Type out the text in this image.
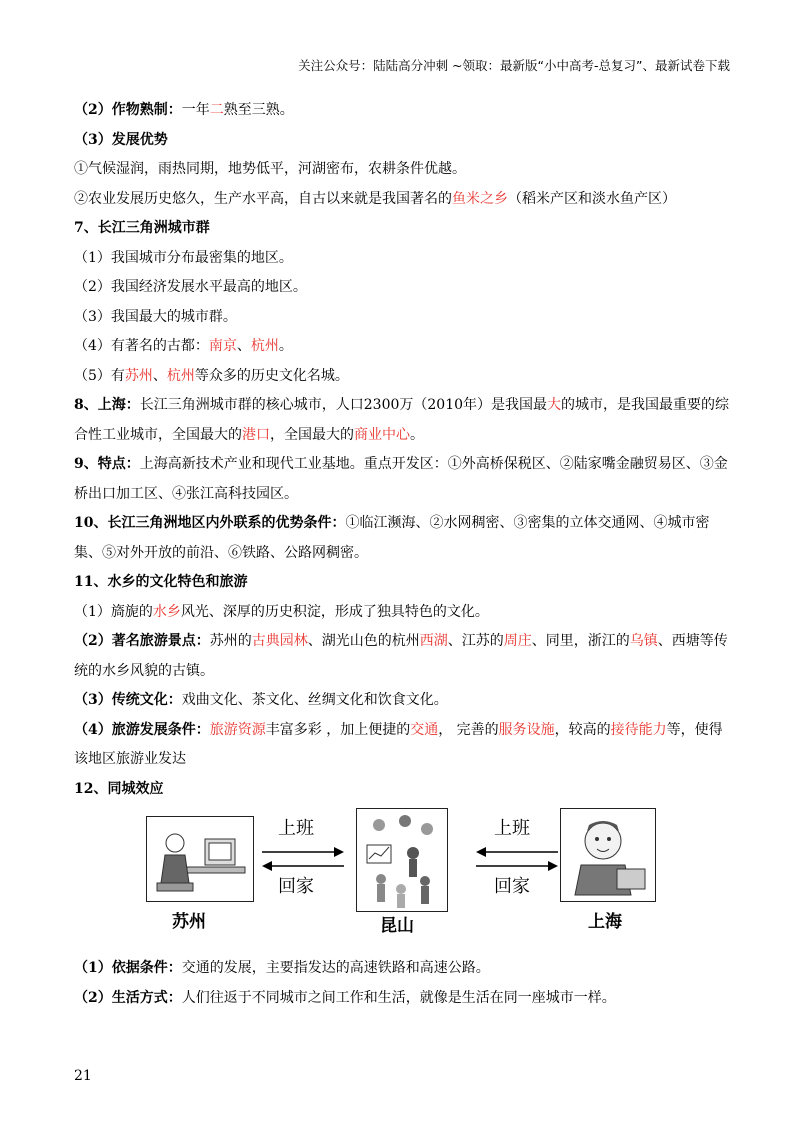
关注公众号：陆陆高分冲刺 ~领取：最新版“小中高考-总复习”、最新试卷下载

（2）作物熟制：一年二熟至三熟。

（3）发展优势

①气候湿润，雨热同期，地势低平，河湖密布，农耕条件优越。

②农业发展历史悠久，生产水平高，自古以来就是我国著名的鱼米之乡（稻米产区和淡水鱼产区）

7、长江三角洲城市群

（1）我国城市分布最密集的地区。

（2）我国经济发展水平最高的地区。

（3）我国最大的城市群。

（4）有著名的古都：南京、杭州。

（5）有苏州、杭州等众多的历史文化名城。

8、上海：长江三角洲城市群的核心城市，人口2300万（2010年）是我国最大的城市，是我国最重要的综合性工业城市，全国最大的港口，全国最大的商业中心。

9、特点：上海高新技术产业和现代工业基地。重点开发区：①外高桥保税区、②陆家嘴金融贸易区、③金桥出口加工区、④张江高科技园区。

10、长江三角洲地区内外联系的优势条件：①临江濒海、②水网稠密、③密集的立体交通网、④城市密集、⑤对外开放的前沿、⑥铁路、公路网稠密。

11、水乡的文化特色和旅游

（1）旖旎的水乡风光、深厚的历史积淀，形成了独具特色的文化。

（2）著名旅游景点：苏州的古典园林、湖光山色的杭州西湖、江苏的周庄、同里，浙江的乌镇、西塘等传统的水乡风貌的古镇。

（3）传统文化：戏曲文化、茶文化、丝绸文化和饮食文化。

（4）旅游发展条件：旅游资源丰富多彩 ，加上便捷的交通， 完善的服务设施，较高的接待能力等，使得该地区旅游业发达

12、同城效应

上班
回家
上班
回家
苏州	昆山	上海

（1）依据条件：交通的发展，主要指发达的高速铁路和高速公路。

（2）生活方式：人们往返于不同城市之间工作和生活，就像是生活在同一座城市一样。

21
